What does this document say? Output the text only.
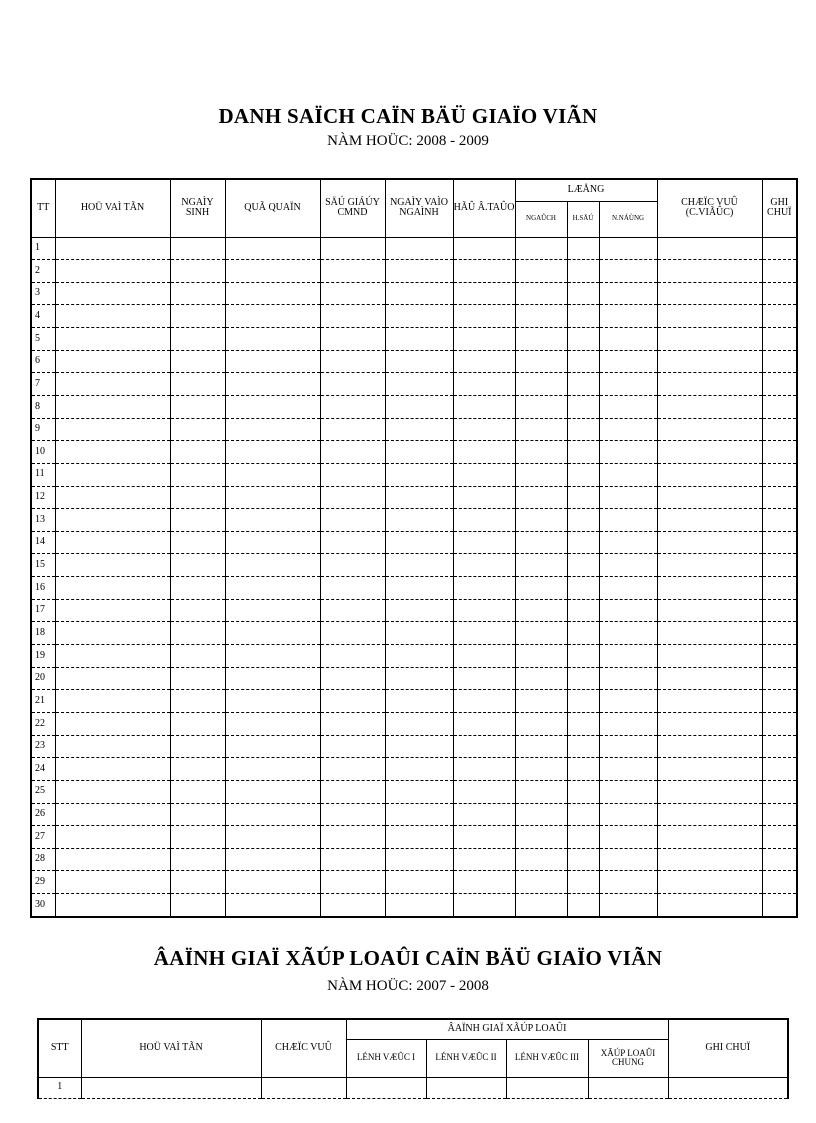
DANH SAÏCH CAÏN BÄÜ GIAÏO VIÃN
NÀM HOÜC: 2008 - 2009
TT	HOÜ VAÌ TÃN	NGAÌY SINH	QUÃ QUAÏN	SÄÚ GIÁÚY CMND	NGAÌY VAÌO NGAÌNH	HÃÛ Â.TAÛO	LÆÅNG			CHÆÏC VUÛ (C.VIÃÛC)	GHI CHUÏ
							NGAÛCH	H.SÄÚ	N.NÁÙNG		
1											
2											
3											
4											
5											
6											
7											
8											
9											
10											
11											
12											
13											
14											
15											
16											
17											
18											
19											
20											
21											
22											
23											
24											
25											
26											
27											
28											
29											
30											
ÂAÏNH GIAÏ XÃÚP LOAÛI CAÏN BÄÜ GIAÏO VIÃN
NÀM HOÜC: 2007 - 2008
STT	HOÜ VAÌ TÃN	CHÆÏC VUÛ	ÂAÏNH GIAÏ XÃÚP LOAÛI				GHI CHUÏ
			LÉNH VÆÛC I	LÉNH VÆÛC II	LÉNH VÆÛC III	XÃÚP LOAÛI CHUNG	
1							
